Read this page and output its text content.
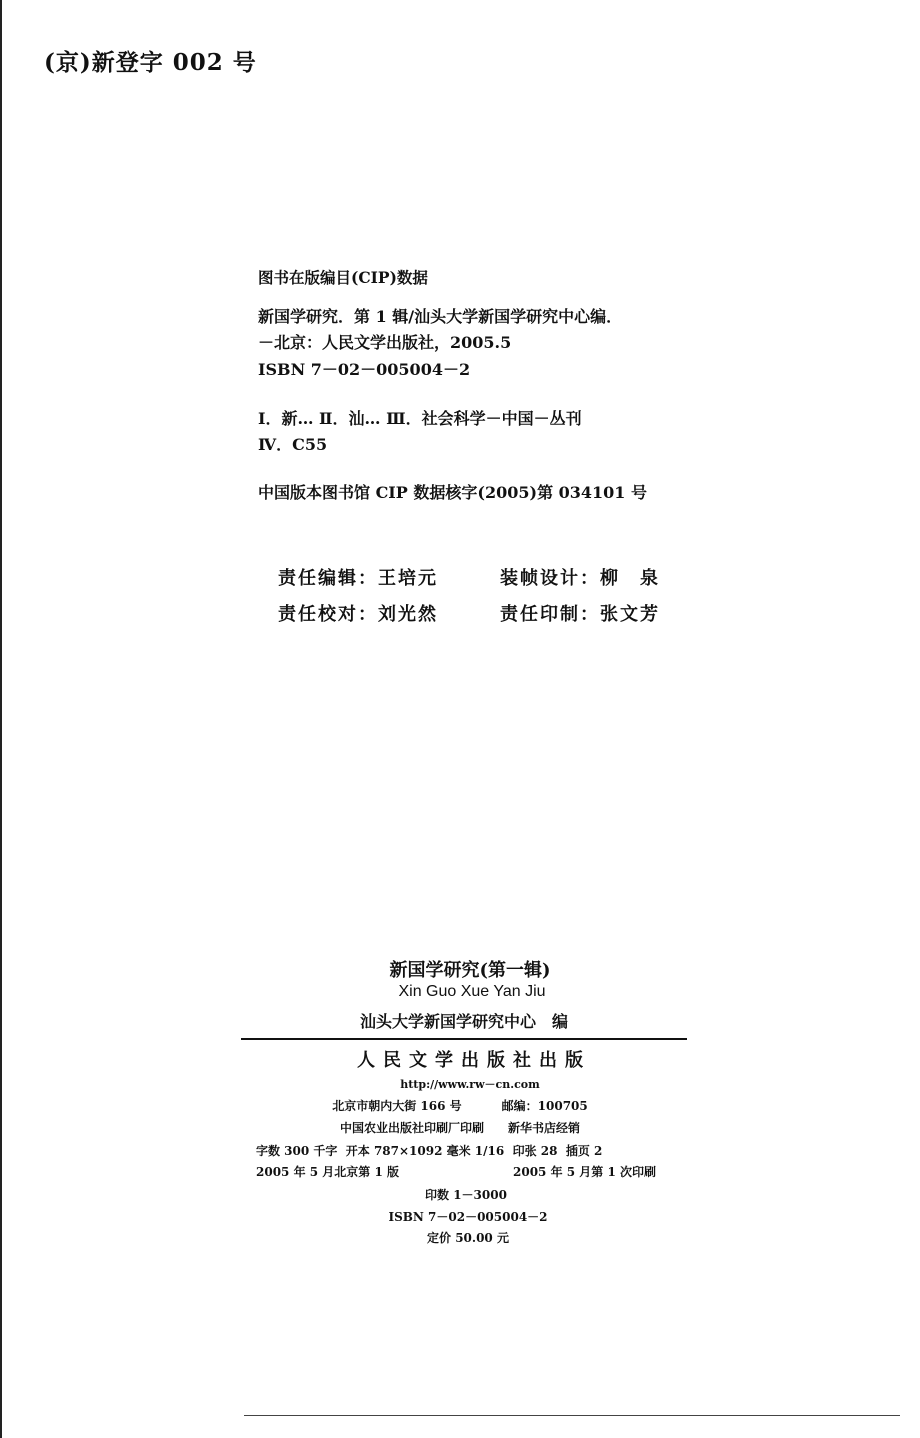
(京)新登字 002 号
图书在版编目(CIP)数据
新国学研究．第 1 辑/汕头大学新国学研究中心编．
－北京：人民文学出版社，2005.5
ISBN 7－02－005004－2
Ⅰ．新… Ⅱ．汕… Ⅲ．社会科学－中国－丛刊
Ⅳ．C55
中国版本图书馆 CIP 数据核字(2005)第 034101 号
责任编辑：王培元	装帧设计：柳　泉
责任校对：刘光然	责任印制：张文芳
新国学研究(第一辑)
Xin Guo Xue Yan Jiu
汕头大学新国学研究中心　编
人民文学出版社出版
http://www.rw－cn.com
北京市朝内大街 166 号	邮编：100705
中国农业出版社印刷厂印刷 新华书店经销
字数 300 千字 开本 787×1092 毫米 1/16 印张 28 插页 2
2005 年 5 月北京第 1 版	2005 年 5 月第 1 次印刷
印数 1－3000
ISBN 7－02－005004－2
定价 50.00 元
